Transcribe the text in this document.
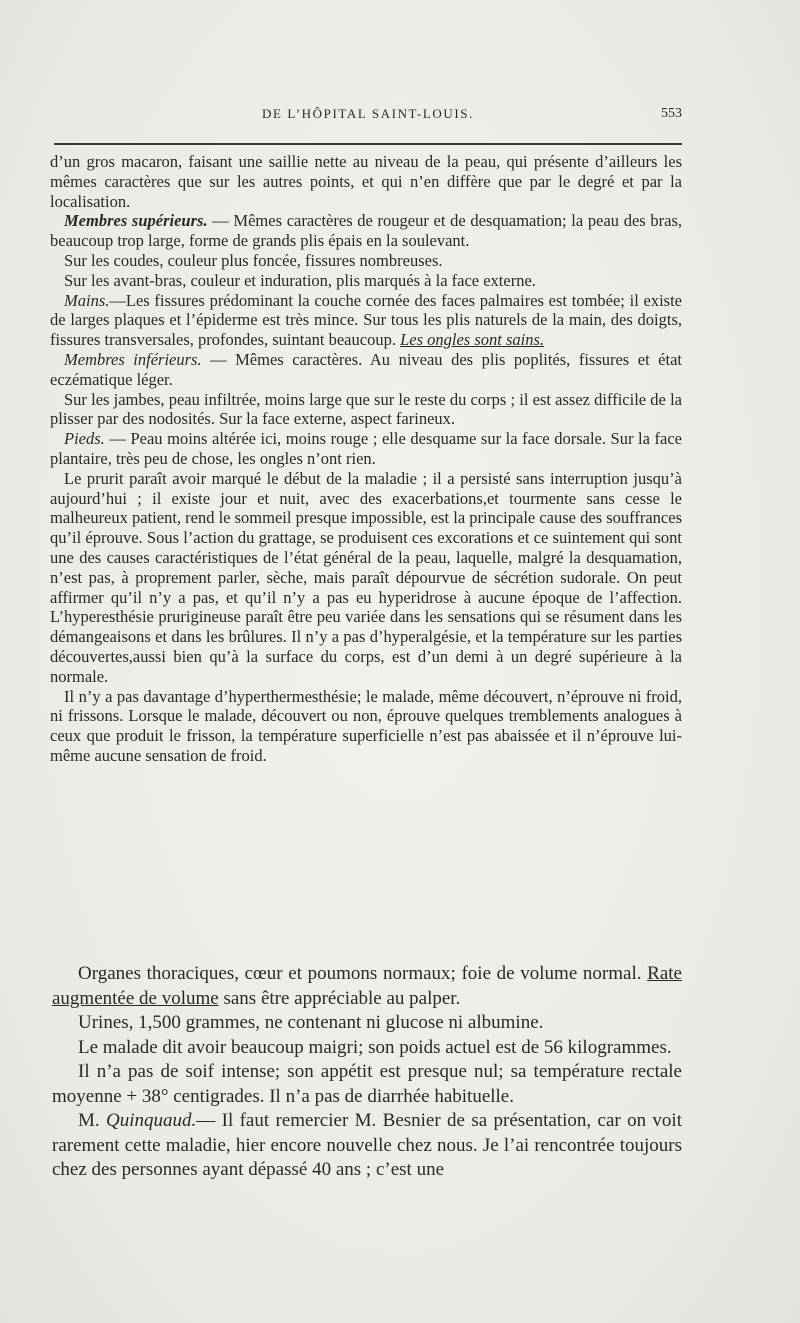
DE L’HÔPITAL SAINT-LOUIS.	553

d’un gros macaron, faisant une saillie nette au niveau de la peau, qui présente d’ailleurs les mêmes caractères que sur les autres points, et qui n’en diffère que par le degré et par la localisation.

Membres supérieurs. — Mêmes caractères de rougeur et de desquamation; la peau des bras, beaucoup trop large, forme de grands plis épais en la soulevant.

Sur les coudes, couleur plus foncée, fissures nombreuses.

Sur les avant-bras, couleur et induration, plis marqués à la face externe.

Mains.—Les fissures prédominant la couche cornée des faces palmaires est tombée; il existe de larges plaques et l’épiderme est très mince. Sur tous les plis naturels de la main, des doigts, fissures transversales, profondes, suintant beaucoup. Les ongles sont sains.

Membres inférieurs. — Mêmes caractères. Au niveau des plis poplités, fissures et état eczématique léger.

Sur les jambes, peau infiltrée, moins large que sur le reste du corps ; il est assez difficile de la plisser par des nodosités. Sur la face externe, aspect farineux.

Pieds. — Peau moins altérée ici, moins rouge ; elle desquame sur la face dorsale. Sur la face plantaire, très peu de chose, les ongles n’ont rien.

Le prurit paraît avoir marqué le début de la maladie ; il a persisté sans interruption jusqu’à aujourd’hui ; il existe jour et nuit, avec des exacerbations,et tourmente sans cesse le malheureux patient, rend le sommeil presque impossible, est la principale cause des souffrances qu’il éprouve. Sous l’action du grattage, se produisent ces excorations et ce suintement qui sont une des causes caractéristiques de l’état général de la peau, laquelle, malgré la desquamation, n’est pas, à proprement parler, sèche, mais paraît dépourvue de sécrétion sudorale. On peut affirmer qu’il n’y a pas, et qu’il n’y a pas eu hyperidrose à aucune époque de l’affection. L’hyperesthésie prurigineuse paraît être peu variée dans les sensations qui se résument dans les démangeaisons et dans les brûlures. Il n’y a pas d’hyperalgésie, et la température sur les parties découvertes,aussi bien qu’à la surface du corps, est d’un demi à un degré supérieure à la normale.

Il n’y a pas davantage d’hyperthermesthésie; le malade, même découvert, n’éprouve ni froid, ni frissons. Lorsque le malade, découvert ou non, éprouve quelques tremblements analogues à ceux que produit le frisson, la température superficielle n’est pas abaissée et il n’éprouve lui-même aucune sensation de froid.

Organes thoraciques, cœur et poumons normaux; foie de volume normal. Rate augmentée de volume sans être appréciable au palper.

Urines, 1,500 grammes, ne contenant ni glucose ni albumine.

Le malade dit avoir beaucoup maigri; son poids actuel est de 56 kilogrammes.

Il n’a pas de soif intense; son appétit est presque nul; sa température rectale moyenne + 38° centigrades. Il n’a pas de diarrhée habituelle.

M. Quinquaud.— Il faut remercier M. Besnier de sa présentation, car on voit rarement cette maladie, hier encore nouvelle chez nous. Je l’ai rencontrée toujours chez des personnes ayant dépassé 40 ans ; c’est une
